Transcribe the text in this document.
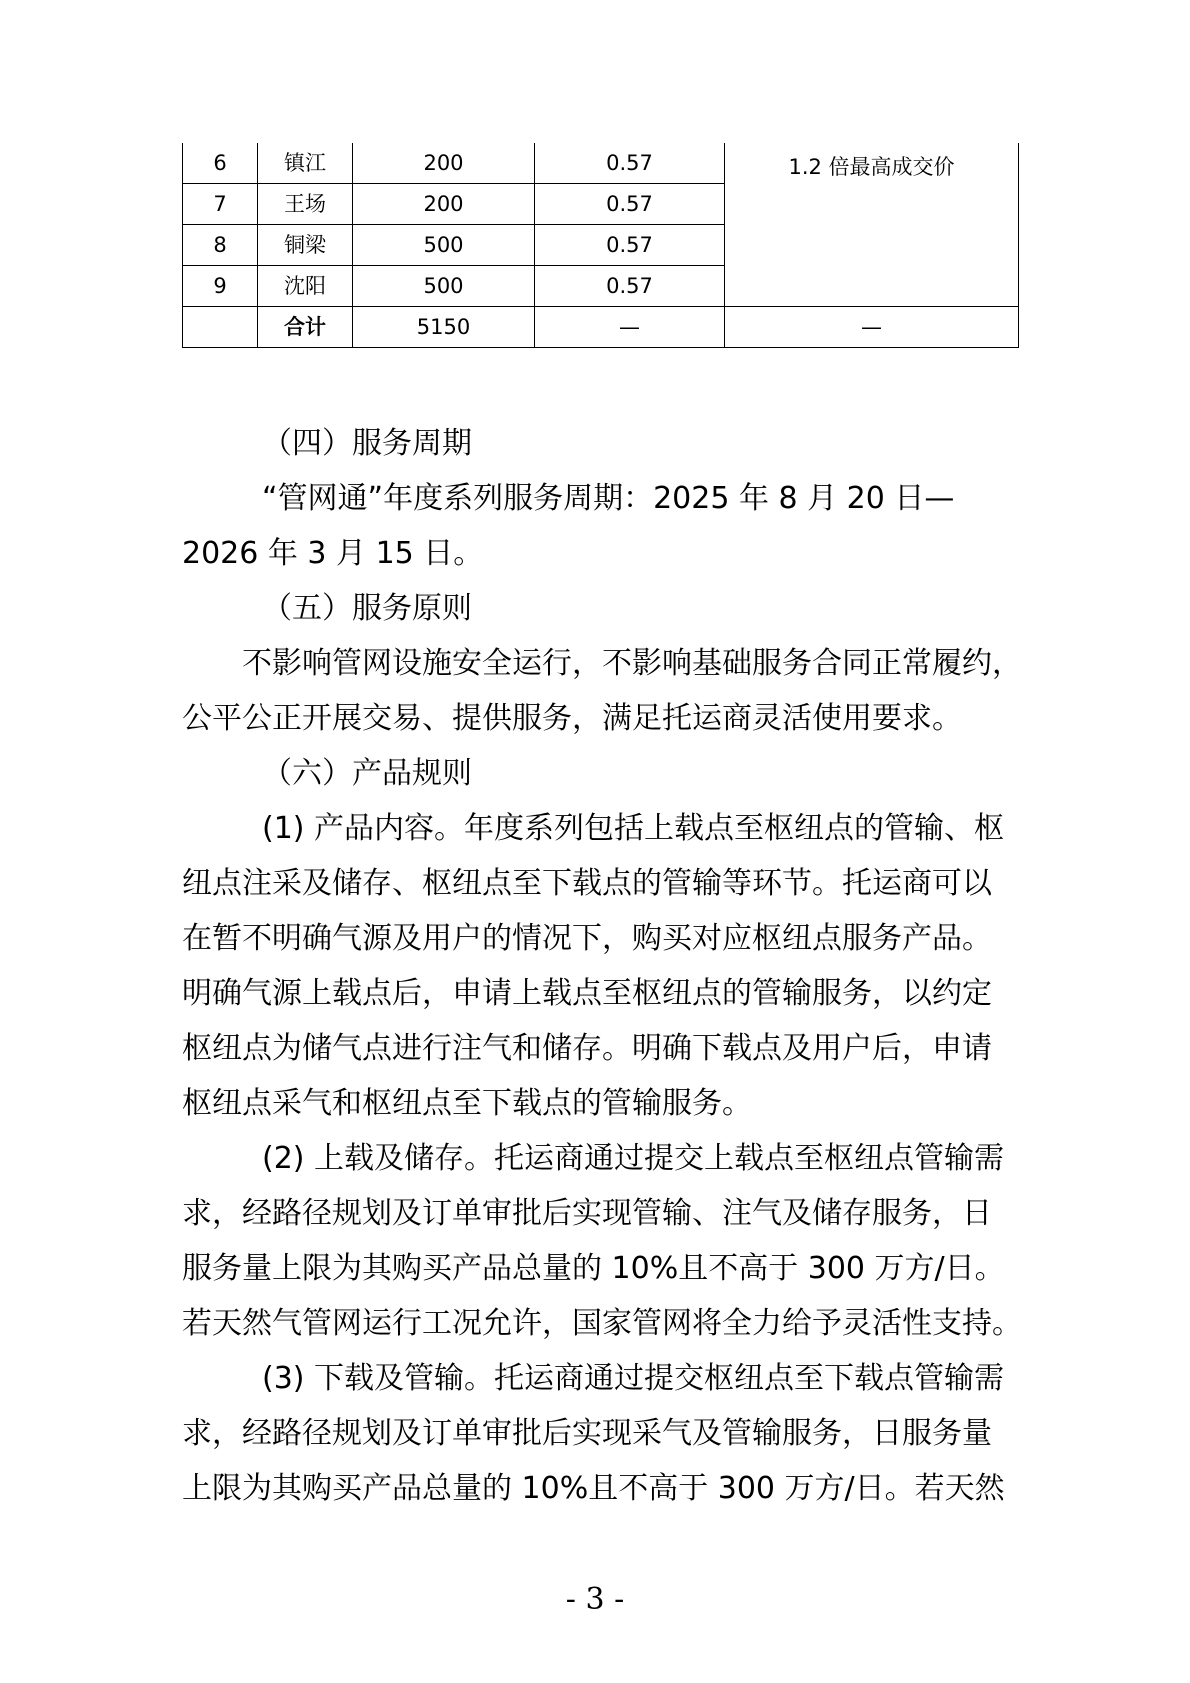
6	镇江	200	0.57	1.2 倍最高成交价
7	王场	200	0.57	
8	铜梁	500	0.57	
9	沈阳	500	0.57	
	合计	5150	—	—

（四）服务周期

“管网通”年度系列服务周期：2025 年 8 月 20 日—

2026 年 3 月 15 日。

（五）服务原则

不影响管网设施安全运行，不影响基础服务合同正常履约，

公平公正开展交易、提供服务，满足托运商灵活使用要求。

（六）产品规则

(1) 产品内容。年度系列包括上载点至枢纽点的管输、枢

纽点注采及储存、枢纽点至下载点的管输等环节。托运商可以

在暂不明确气源及用户的情况下，购买对应枢纽点服务产品。

明确气源上载点后，申请上载点至枢纽点的管输服务，以约定

枢纽点为储气点进行注气和储存。明确下载点及用户后，申请

枢纽点采气和枢纽点至下载点的管输服务。

(2) 上载及储存。托运商通过提交上载点至枢纽点管输需

求，经路径规划及订单审批后实现管输、注气及储存服务，日

服务量上限为其购买产品总量的 10%且不高于 300 万方/日。

若天然气管网运行工况允许，国家管网将全力给予灵活性支持。

(3) 下载及管输。托运商通过提交枢纽点至下载点管输需

求，经路径规划及订单审批后实现采气及管输服务，日服务量

上限为其购买产品总量的 10%且不高于 300 万方/日。若天然

- 3 -
